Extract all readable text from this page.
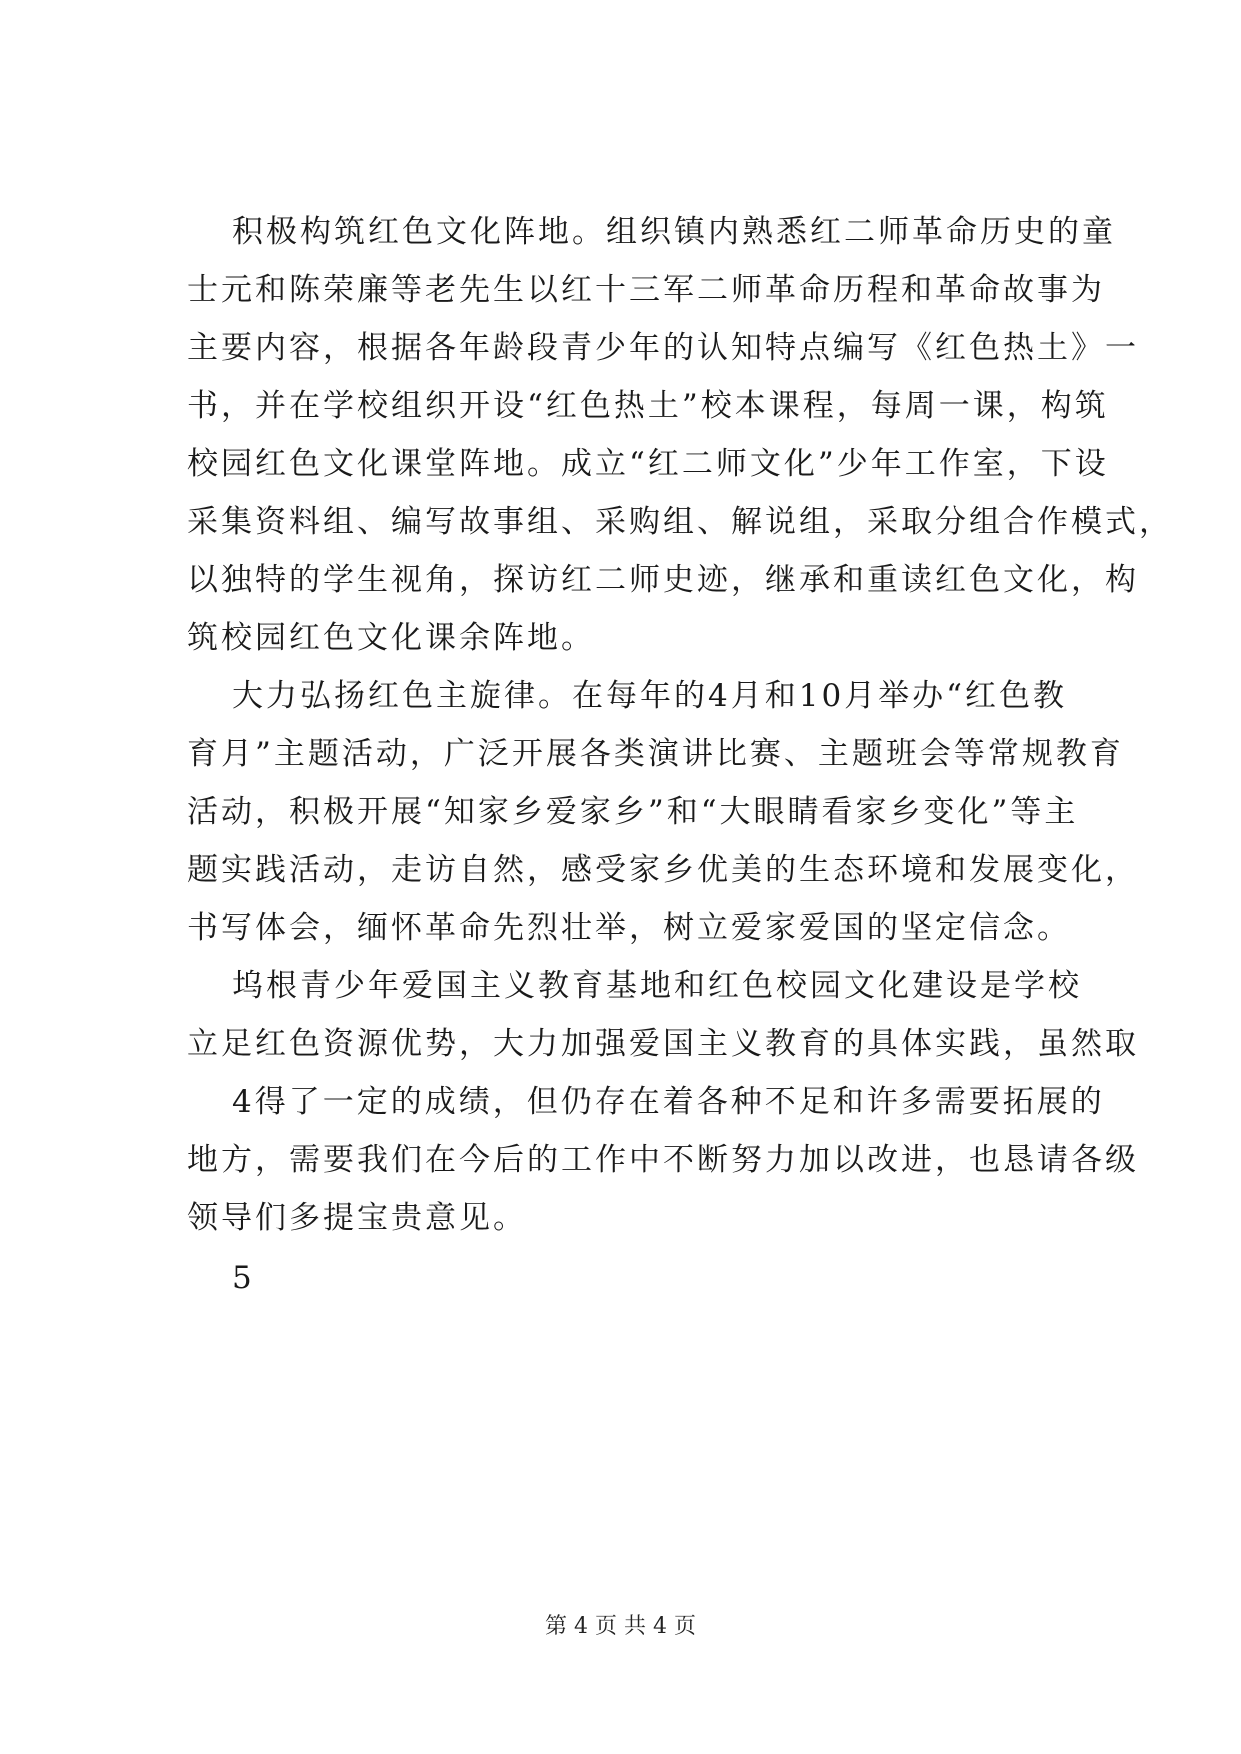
积极构筑红色文化阵地。组织镇内熟悉红二师革命历史的童
士元和陈荣廉等老先生以红十三军二师革命历程和革命故事为
主要内容，根据各年龄段青少年的认知特点编写《红色热土》一
书，并在学校组织开设“红色热土”校本课程，每周一课，构筑
校园红色文化课堂阵地。成立“红二师文化”少年工作室，下设
采集资料组、编写故事组、采购组、解说组，采取分组合作模式，
以独特的学生视角，探访红二师史迹，继承和重读红色文化，构
筑校园红色文化课余阵地。
大力弘扬红色主旋律。在每年的4月和10月举办“红色教
育月”主题活动，广泛开展各类演讲比赛、主题班会等常规教育
活动，积极开展“知家乡爱家乡”和“大眼睛看家乡变化”等主
题实践活动，走访自然，感受家乡优美的生态环境和发展变化，
书写体会，缅怀革命先烈壮举，树立爱家爱国的坚定信念。
坞根青少年爱国主义教育基地和红色校园文化建设是学校
立足红色资源优势，大力加强爱国主义教育的具体实践，虽然取
4得了一定的成绩，但仍存在着各种不足和许多需要拓展的
地方，需要我们在今后的工作中不断努力加以改进，也恳请各级
领导们多提宝贵意见。
5
第 4 页 共 4 页
